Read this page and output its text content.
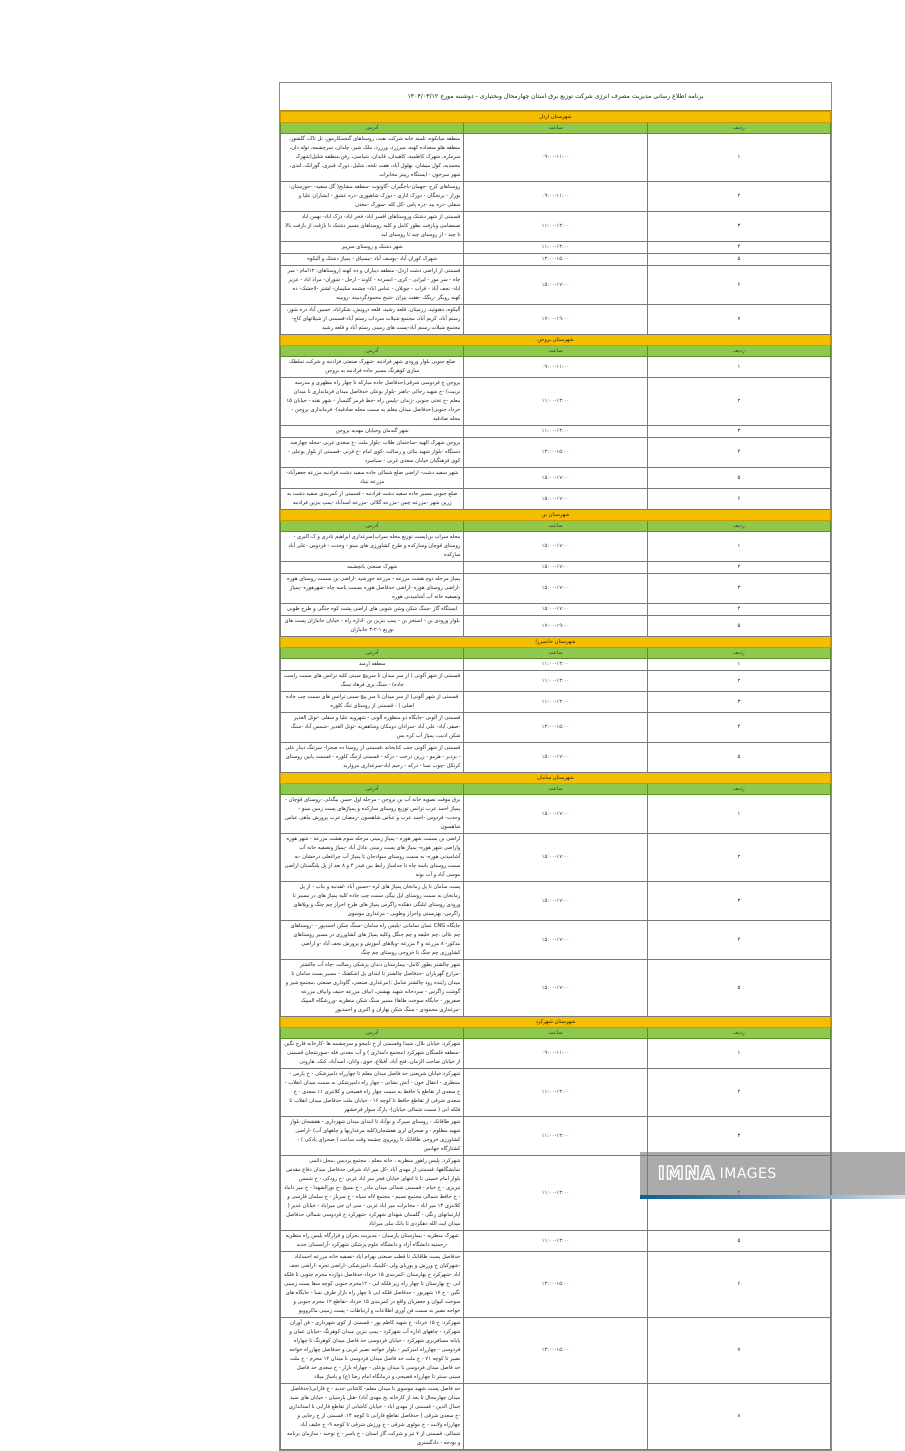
برنامه اطلاع رسانی مدیریت مصرف انرژی شرکت توزیع برق استان چهارمحال وبختیاری - دوشنبه مورخ ۱۴۰۴/۰۳/۱۲
شهرستان اردل		
ردیف	ساعت	آدرس
۱	۰۹:۰۰-۱۱:۰۰	منطقه میانکوه، تلمبه خانه شرکت نفت، روستاهای گنجمکارمور، تل تاک، گلشور، منطقه هلو سعداده کهنه، سرزرد، ورزرد، ملک شیر، چلدان، سرچشمه، توله دان، سرماره، شهرک کاظمیه، کاهیدان، قایدان، شیاسی، رفن،منطقه شلیل(شهرک محمدیه، کول میشان، بهلول آباد، هفت تلخه، شلیل، دورک قنبری، گورانک، لندی، شهر سرخون - ایستگاه رپیتر مخابرات
۲	۰۹:۰۰-۱۱:۰۰	روستاهای کرج -جهمان-باجگیران -گاوتوت -منطقه مشایخ( گل سفید- -جوزستان- پوراز - برنجگان - دورک اناری - دورک شاهپوری -دره عشق - ابشاران علیا و سفلی -دره بید -دره پاس -کل کله -سورک -معدن
۳	۱۱:۰۰-۱۳:۰۰	قسمتی از شهر دشتک وروستاهای افسر اباد- فخر اباد- دزک اباد- بهمن اباد صمصامی وبازفت بطور کامل و کلیه روستاهای مسیر دشتک تا بازفت از بازفت بالا تا چبد - از روستای چبد تا روستای لبد
۴	۱۱:۰۰-۱۳:۰۰	شهر دشتک و روستای سرپیر
۵	۱۳:۰۰-۱۵:۰۰	شهرک کوران آباد -یوسف آباد -نیسیاق - پمپاژ دشتک و آلیکوه
۶	۱۵:۰۰-۱۷:۰۰	قسمتی از اراضی دشت اردل- منطقه دیناران و ده کهنه (روستاهای: ۱۲امام - سر چاه - سر مور - لیرابی - کری - ابسرده - کاوند - ارجل - شوران- مراد اباد - عزیز اباد- نجف آباد - قراب - چویلان - عباس اباد- چشمه سلیمان- لشتر -لاخشک- ده کهنه رویگر -ریگک -هفت پیران -شیخ محمودگردبینه -روبینه
۷	۱۷:۰۰-۱۹:۰۰	آلیکوه، دهنوئید، زرمیتان، قلعه رشید، قلعه درویش، شکراباد، حسین آباد دره شور، رستم آباد، کریم آباد، مجتمع شیلات سرداب رستم آباد-قسمتی از شیلاتهای کاج-مجتمع شیلات رستم آباد-پست های زمینی رستم آباد و قلعه رشید
شهرستان بروجن		
ردیف	ساعت	آدرس
۱	۰۹:۰۰-۱۱:۰۰	ضلع جنوبی بلوار ورودی شهر فرادنبه -شهرک صنعتی فرادنبه و شرکت تملطک سازی کوهرنگ مسیر جاده فرادنبه به بروجن
۲	۱۱:۰۰-۱۳:۰۰	بروجن خ فردوسی شرقی(حدفاصل جاده مبارکه تا چهار راه مطهری و مدرسه تربیت) -خ شهید رجائی -باهنر -بلوار بوعلی حدفاصل میدان فرمانداری تا میدان معلم -خ تختی جنوبی -زندان -پلیس راه -خط قرمز گلیسار - شهر نقنه - خیابان ۱۵ خرداد جنوبی(حدفاصل میدان معلم به سمت محله صادقیه)- فرمانداری بروجن - محله صادقیه
۳	۱۱:۰۰-۱۳:۰۰	شهر گندمان وخیابان مهدیه بروجن
۴	۱۳:۰۰-۱۵:۰۰	بروجن شهرک الهیه -ساختمان طلاب -بلوار ملت -خ سعدی غربی -محله چهارصد دستگاه -بلوار شهید بنائی و رسالت -کوی امام -خ قرنی -قسمتی از بلوار بوعلی - کوی فرهنگیان خیابان سعدی غربی - سیاسرد
۵	۱۵:۰۰-۱۷:۰۰	شهر سفید دشت- اراضی ضلع شمالی جاده سفید دشت فرادنبه مزرعه جعفرآباد-مزرعه بنیاد
۶	۱۵:۰۰-۱۷:۰۰	ضلع جنوبی مسیر جاده سفید دشت فرادنبه - قسمتی از کمربندی سفید دشت به زرین شهر -مزرعه چمن -مزرعه گلالی -مزرعه اسدآباد -پمپ بنزین فرادنبه
شهرستان بن		
ردیف	ساعت	آدرس
۱	۱۵:۰۰-۱۷:۰۰	محله سراب بن(پست توزیع محله سراب(سرغداری ابراهیم نادری و ک.اکبری - روستای قوچان وسارکده و طرح کشاورزی های مینو - وحدت - فردوس -علی آباد سارکده
۲	۱۵:۰۰-۱۷:۰۰	شهرک صنعتی یانچشمه
۳	۱۵:۰۰-۱۷:۰۰	پمپاژ مرحله دوم هشت مزرعه - مزرعه خورشید -اراضی بن بسمت روستای هوره -اراضی روستای هوره -اراضی حدفاصل هوره بسمت یاسه چاه -شهرهوره -پمپاژ وتصفیه خانه آب آشامیدنی هوره
۴	۱۵:۰۰-۱۷:۰۰	ایستگاه گاز -سنگ شکن وشن شویی های اراضی پشت کوه جنگی و طرح طوبی
۵	۱۷:۰۰-۱۹:۰۰	بلوار ورودی بن - استخر بن - پمپ بنزین بن -اداره راه - خیابان جانبازان پست های توزیع ۱-۲-۳ جانبازان
شهرستان خانمیرزا		
ردیف	ساعت	آدرس
۱	۱۱:۰۰-۱۳:۰۰	منطقه ارمند
۲	۱۱:۰۰-۱۳:۰۰	قسمتی از شهر آلونی ( از سر میدان تا سرپیچ سینی کلیه ترانس های سمت راست جاده) - سنگ بری فرهاد سنگ
۳	۱۱:۰۰-۱۳:۰۰	قسمتی از شهر آلونی( از سر میدان تا سر پیچ سینی ترانس های سمت چپ جاده اصلی ) - قسمتی از روستای تنگ کلوره
۴	۱۳:۰۰-۱۵:۰۰	قسمتی از آلونی -جایگاه دو منظوره آلونی - شهرویه علیا و سفلی -تونل الغدیر -صفی آباد- علی آباد -سرادان دومکان وشاهقربه -تونل الغدیر -شمس آباد -سنگ شکن ادیب، پمپاژ آب کره بس
۵	۱۵:۰۰-۱۷:۰۰	قسمتی از شهر آلونی جنب کتابخانه ،قسمتی از روستا ده صحرا- سرتنگ دینار علی - بردبر - هرمو - زرین درخت - درکه - قسمتی ازتنگ کلوره - قسمت پایین روستای کرتکل -چوب نسا - درکه - رحیم اباد-سرغداری مروارید
شهرستان سامان		
ردیف	ساعت	آدرس
۱	۱۵:۰۰-۱۷:۰۰	برق موقت تصویه خانه آب بن بروجن - مرحله اول حسن بیگدلی -روستای قوچان - پمپاژ احمد عرب ترانس توزیع روستای سارکده و پمپاژهای پست زمین مینو - وحدت- فردوس -احمد عرب و عباس شاهسون -رمضان عرب پرورش ماهی عباس شاهسون
۲	۱۵:۰۰-۱۷:۰۰	اراضی بن بسمت شهر هوره - پمپاژ زمینی مرحله سوم هشت مزرعه - شهر هوره واراضی شهر هوره- پمپاژ های پست زمینی عادل آباد -پمپاژ وتصفیه خانه آب آشامیدنی هوره- به سمت روستای سوادجان تا پمپاژ آب چراغعلی درخشان -به سمت روستای یاسه چاه تا جداساز رابط بین فیدر ۴ و ۸ بعد از پل پلنگستان اراضی موسی آباد و آب بونه
۳	۱۵:۰۰-۱۷:۰۰	پست سامان تا پل زمانخان پمپاژ های لره -حسین آباد -لفدنبه و بناب - از پل زمانخان به سمت روستای ایل بیگی سمت چپ جاده کلیه پمپاژ های در مسیر تا ورودی روستای ایلبگی دهکده زاگرس پمپاژ های طرح احراز چم چنگ و ویلاهای زاگرس- بهزیستی واحراز وطوبی - مرغداری موسوی
۴	۱۵:۰۰-۱۷:۰۰	جایگاه CNG عمان سامانی -پلیس راه سامان -سنگ شکن احمدپور - -روستاهای چم عالی ،چم خلیفه و چم جنگل وکلیه پمپاژ های کشاورزی در مسیر روستاهای مذکور- ۸ مزرعه و ۴ مزرعه -ویلاهای آموزش و پرورش نجف آباد -و اراضی کشاورزی چم چنگ تا خروجی روستای چم چنگ
۵	۱۵:۰۰-۱۷:۰۰	شهر چالشتر بطور کامل- بیمارستان دندان پزشکی رسالت -چاه آب چالشتر -مزارع گهرباران -حدفاصل چالشتر تا ابتدای پل اشکفتک - مسیر پست سامان تا میدان زاینده رود چالشتر شامل :(مرغداری صنعتی، گاوداری صنعتی ،مجتمع شیر و گوشت زاگرس - سردخانه شهید بهشتی، ابیاف مزرعه حنیف وابیاف مزرعه صفرپور - جایگاه سوخت طاها) مسیر سنگ شکن منظریه -ورزشگاه المپیک -مرغداری محمودی - سنگ شکن بهاران و اکبری و احمدپور
شهرستان شهرکرد		
ردیف	ساعت	آدرس
۱	۰۹:۰۰-۱۱:۰۰	شهرکرد: خیابان بلال، شیدا وقسمتی از خ نامجو و سرچشمه ها -کارخانه فارچ نگین -منطقه فلسگان شهرکرد (مجتمع دامداری ) و آب معدنی فله -سورشجان قسمتی از خیابان صاحب الزمان، فتح آباد، آفبلاغ، خوی، وانان، اسدآباد، کنک، هارونی
۲	۱۱:۰۰-۱۳:۰۰	شهرکرد:خیابان شریعتی حد فاصل میدان معلم تا چهارراه دامپزشکی - خ پارس - منتظری - انتقال خون - آتش نشانی - چهار راه دامپزشکی به سمت میدان انقلاب - خ سعدی از تقاطع با حافظ به سمت چهار راه فصیحی و کلانتری ۱۱ سعدی - خ سعدی شرقی از تقاطع حافظ تا کوچه ۱۶ - خیابان ملت حدفاصل میدان انقلاب تا فلکه ابی ( سمت شمالی خیابان)- پارک سوار فرخشهر
۳	۱۱:۰۰-۱۳:۰۰	شهر طاقانک - روستای سیرک و نوآباد تا ابتدای میدان شهرداری - هفشجان بلوار شهید مظلوم - و صحرای لری هفشجان(کلیه مرغداریها و چاههای آب) -اراضی کشاورزی خروجی طاقانک تا روبروی چشمه وقت ساعت ( صحرای بادکی ) - کشتارگاه جهانبین
	۱۱:۰۰-۱۳:۰۰	شهرکرد: پلیس راهور منظریه ، خانه معلم ، مجتمع پردیس ،محل دائمی نمایشگاهها، قسمتی از مهدی آباد -کل میر اباد شرقی حدفاصل میدان دفاع مقدس بلوار امام خمینی تا تا انتهای خیابان فجر میر اباد غربی -خ رودکی - خ شمس تبریزی - خ خیام - قسمتی شمالی میدان مادر - خ بسیج -خ نورالشهدا - خ میر داماد - خ حافظ شمالی مجتمع نسیم - مجتمع لاله سیاه - خ سرباز - خ سلمان فارسی و کلانتری ۱۳ میر اباد - مخابرات میر اباد غربی - سی ان جی میراباد - خیابان غدیر ( اپارتمانهای رنگی - گلستان شهدای شهرکرد -شهرکرد خ فردوسی شمالی حدفاصل میدان ایت الله دهکردی تا بانک ملی میراباد
۵	۱۱:۰۰-۱۳:۰۰	شهرک منظریه - بیمارستان پارسیان - مدیریت بحران و قرارگاه پلیس راه منظریه -رحمتیه دانشگاه آزاد و دانشگاه علوم پزشکی شهرکرد -آرامستان جدید
۶	۱۳:۰۰-۱۵:۰۰	حدفاصل پست طاقانک تا قطب صنعتی بهرام اباد -تصفیه خانه مزرعه احمداباد -شهرکیان خ ورزش و پوریای ولی -کلینیک دامپزشکی -اراضی تجره -اراضی نجف اباد -شهرکرد خ بهارستان -کمربندی ۱۵ خرداد حدفاصل دوازده محرم جنوبی تا فلکه ابی -خ بهارستان تا چهار راه زیر فلکه ابی - ۱۲محرم جنوبی کوچه سقا پست زمینی نگین - خ ۱۷ شهریور - حدفاصل فلکه ابی تا چهار راه بازار طرف نسا - جایگاه های سوخت کیوان و جعفریان واقع در کمربندی ۱۵ خرداد -تقاطع ۱۲ محرم جنوبی و خواجه نصیر به سمت فن آوری اطلاعات و ارتباطات - پست زمینی ماکروویو
۷	۱۳:۰۰-۱۵:۰۰	شهرکرد: خ ۱۵ خرداد- خ شهید کاظم پور - قسمتی از کوی شهرداری - فن آوران شهرکرد - چاههای اداره آب شهرکرد - پمپ بنزین میدان کوهرنگ -خیابان عمان و پایانه مسافربری شهرکرد - خیابان فردوسی حد فاصل میدان کوهرنگ تا چهاراه فردوسی - چهارراه امیرکبیر - بلوار خواجه نصیر غربی و حدفاصل چهارراه خواجه نصیر تا کوچه ۷۱ - خ ملت حد فاصل میدان فردوسی تا میدان ۱۲ محرم - خ ملت حد فاصل میدان فردوسی تا میدان بوعلی - چهاراه بازار - خ سعدی حد فاصل سینی سنتر تا چهارراه فصیحی و درمانگاه امام رضا (ع) و پاساژ میلاد
۸		حد فاصل پست شهید موسوی تا میدان معلم- کاشانی جدید - خ فارابی(حدفاصل میدان چهارمحال تا بعد از کارخانه یخ مهدی آباد) -هتل پارسیان - خیابان های سید جمال الدین - قسمتی از مهدی اباد - خیابان کاشانی از تقاطع فارابی تا استانداری -خ سعدی شرقی ( حدفاصل تقاطع فارابی تا کوچه ۱۴. قسمتی از خ رجایی و چهارراه ولایت - خ مولوی شرقی - خ ورزش شرقی تا کوچه ۹- خ خلیف آباد شمالی، قسمتی از ۷ تیر و شرکت گاز استان - خ یاسر - خ توحید - سازمان برنامه و بودجه - دادگستری
IMNA IMAGES
